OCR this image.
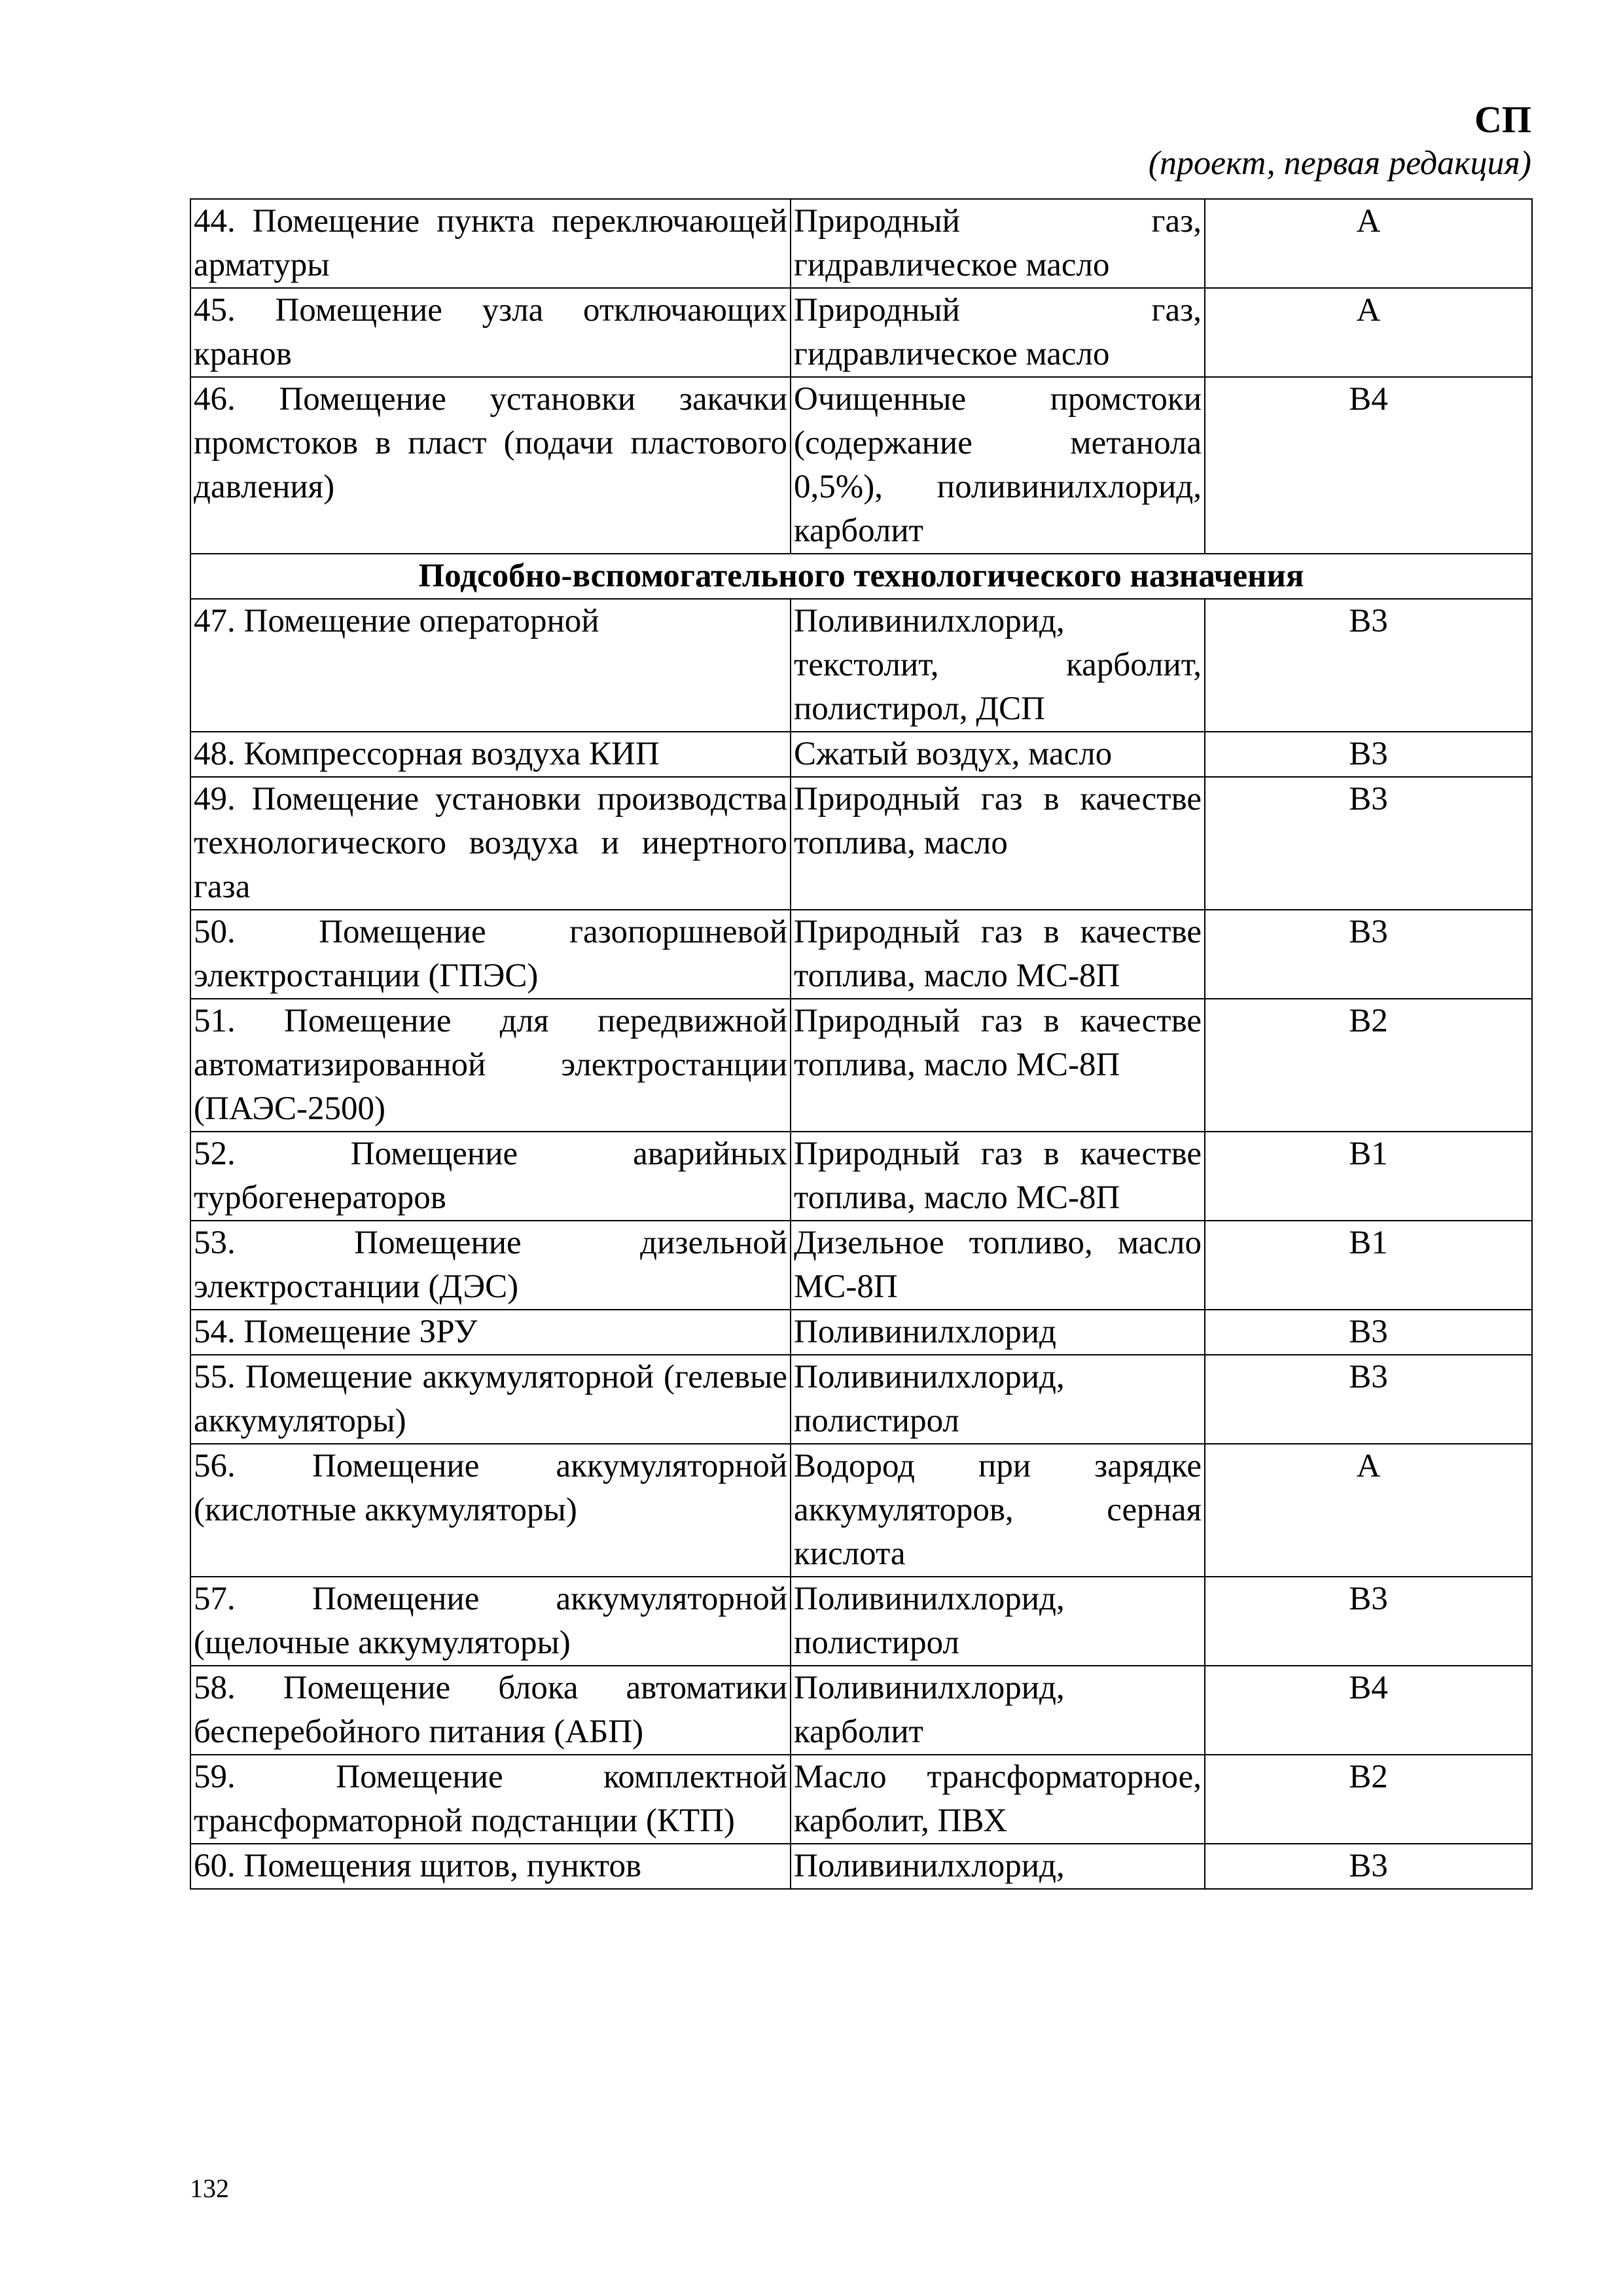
СП
(проект, первая редакция)
44. Помещение пункта переключающей арматуры	Природный газ, гидравлическое масло	А
45. Помещение узла отключающих кранов	Природный газ, гидравлическое масло	А
46. Помещение установки закачки промстоков в пласт (подачи пластового давления)	Очищенные промстоки (содержание метанола 0,5%), поливинилхлорид, карболит	В4
Подсобно-вспомогательного технологического назначения		
47. Помещение операторной	Поливинилхлорид, текстолит, карболит, полистирол, ДСП	В3
48. Компрессорная воздуха КИП	Сжатый воздух, масло	В3
49. Помещение установки производства технологического воздуха и инертного газа	Природный газ в качестве топлива, масло	В3
50. Помещение газопоршневой электростанции (ГПЭС)	Природный газ в качестве топлива, масло МС-8П	В3
51. Помещение для передвижной автоматизированной электростанции (ПАЭС-2500)	Природный газ в качестве топлива, масло МС-8П	В2
52. Помещение аварийных турбогенераторов	Природный газ в качестве топлива, масло МС-8П	В1
53. Помещение дизельной электростанции (ДЭС)	Дизельное топливо, масло МС-8П	В1
54. Помещение ЗРУ	Поливинилхлорид	В3
55. Помещение аккумуляторной (гелевые аккумуляторы)	Поливинилхлорид, полистирол	В3
56. Помещение аккумуляторной (кислотные аккумуляторы)	Водород при зарядке аккумуляторов, серная кислота	А
57. Помещение аккумуляторной (щелочные аккумуляторы)	Поливинилхлорид, полистирол	В3
58. Помещение блока автоматики бесперебойного питания (АБП)	Поливинилхлорид, карболит	В4
59. Помещение комплектной трансформаторной подстанции (КТП)	Масло трансформаторное, карболит, ПВХ	В2
60. Помещения щитов, пунктов	Поливинилхлорид,	В3
132
